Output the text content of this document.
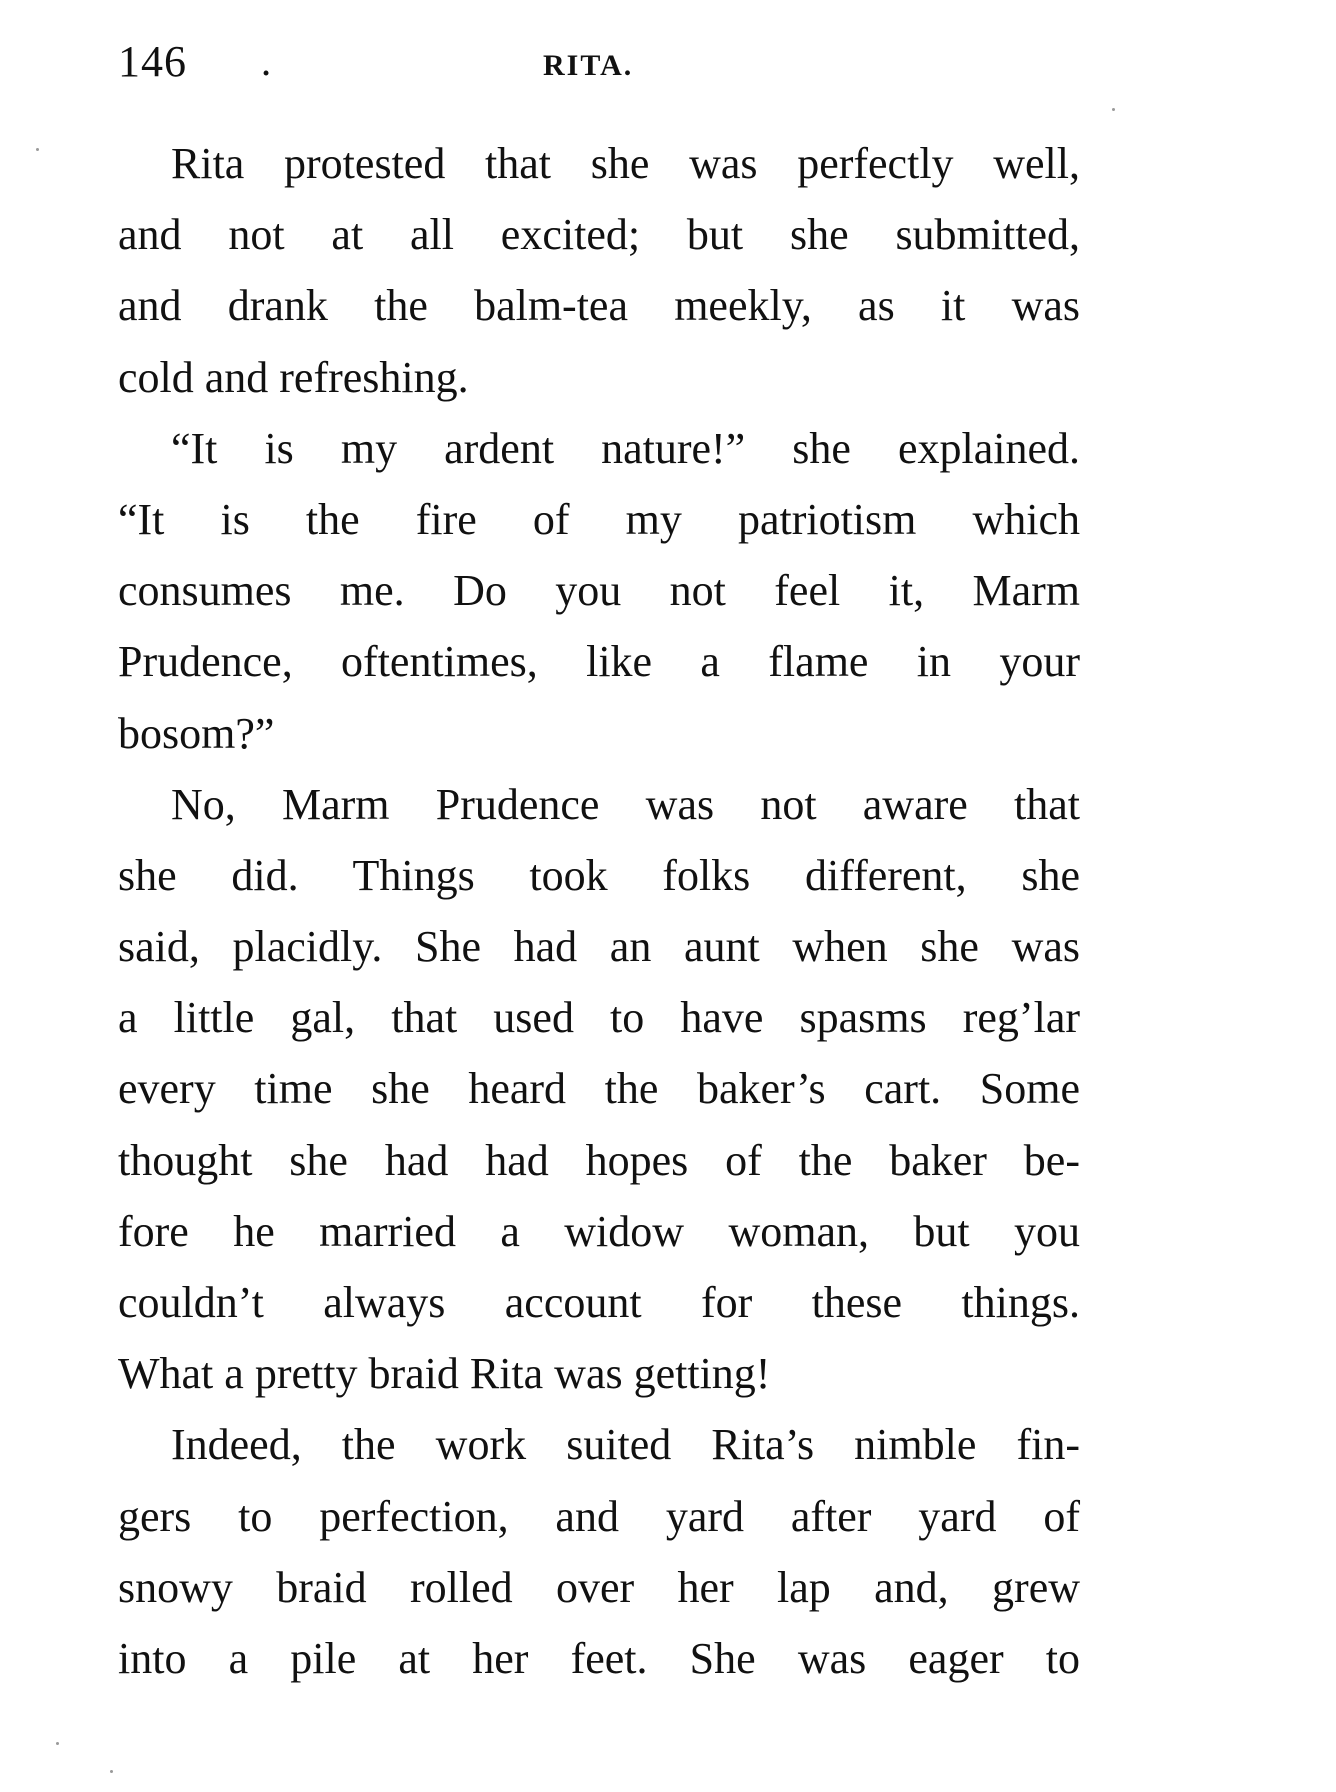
146 .	RITA.
Rita protested that she was perfectly well,
and not at all excited; but she submitted,
and drank the balm-tea meekly, as it was
cold and refreshing.
“It is my ardent nature!” she explained.
“It is the fire of my patriotism which
consumes me. Do you not feel it, Marm
Prudence, oftentimes, like a flame in your
bosom?”
No, Marm Prudence was not aware that
she did. Things took folks different, she
said, placidly. She had an aunt when she was
a little gal, that used to have spasms reg’lar
every time she heard the baker’s cart. Some
thought she had had hopes of the baker be-
fore he married a widow woman, but you
couldn’t always account for these things.
What a pretty braid Rita was getting!
Indeed, the work suited Rita’s nimble fin-
gers to perfection, and yard after yard of
snowy braid rolled over her lap and, grew
into a pile at her feet. She was eager to
